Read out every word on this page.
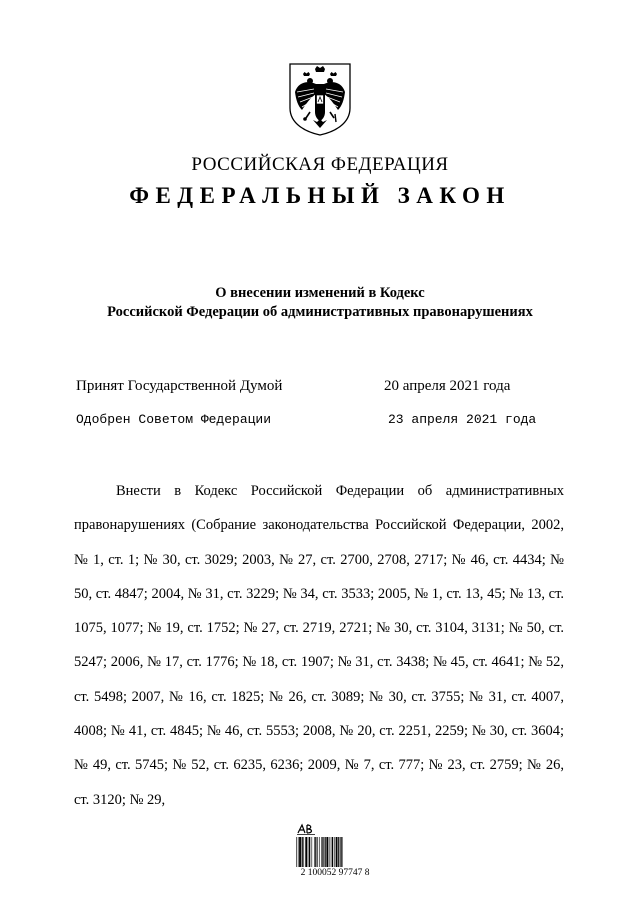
РОССИЙСКАЯ ФЕДЕРАЦИЯ
ФЕДЕРАЛЬНЫЙ ЗАКОН
О внесении изменений в Кодекс
Российской Федерации об административных правонарушениях
Принят Государственной Думой	20 апреля 2021 года
Одобрен Советом Федерации	23 апреля 2021 года

Внести в Кодекс Российской Федерации об административных правонарушениях (Собрание законодательства Российской Федерации, 2002, № 1, ст. 1; № 30, ст. 3029; 2003, № 27, ст. 2700, 2708, 2717; № 46, ст. 4434; № 50, ст. 4847; 2004, № 31, ст. 3229; № 34, ст. 3533; 2005, № 1, ст. 13, 45; № 13, ст. 1075, 1077; № 19, ст. 1752; № 27, ст. 2719, 2721; № 30, ст. 3104, 3131; № 50, ст. 5247; 2006, № 17, ст. 1776; № 18, ст. 1907; № 31, ст. 3438; № 45, ст. 4641; № 52, ст. 5498; 2007, № 16, ст. 1825; № 26, ст. 3089; № 30, ст. 3755; № 31, ст. 4007, 4008; № 41, ст. 4845; № 46, ст. 5553; 2008, № 20, ст. 2251, 2259; № 30, ст. 3604; № 49, ст. 5745; № 52, ст. 6235, 6236; 2009, № 7, ст. 777; № 23, ст. 2759; № 26, ст. 3120; № 29,

2 100052 97747 8
